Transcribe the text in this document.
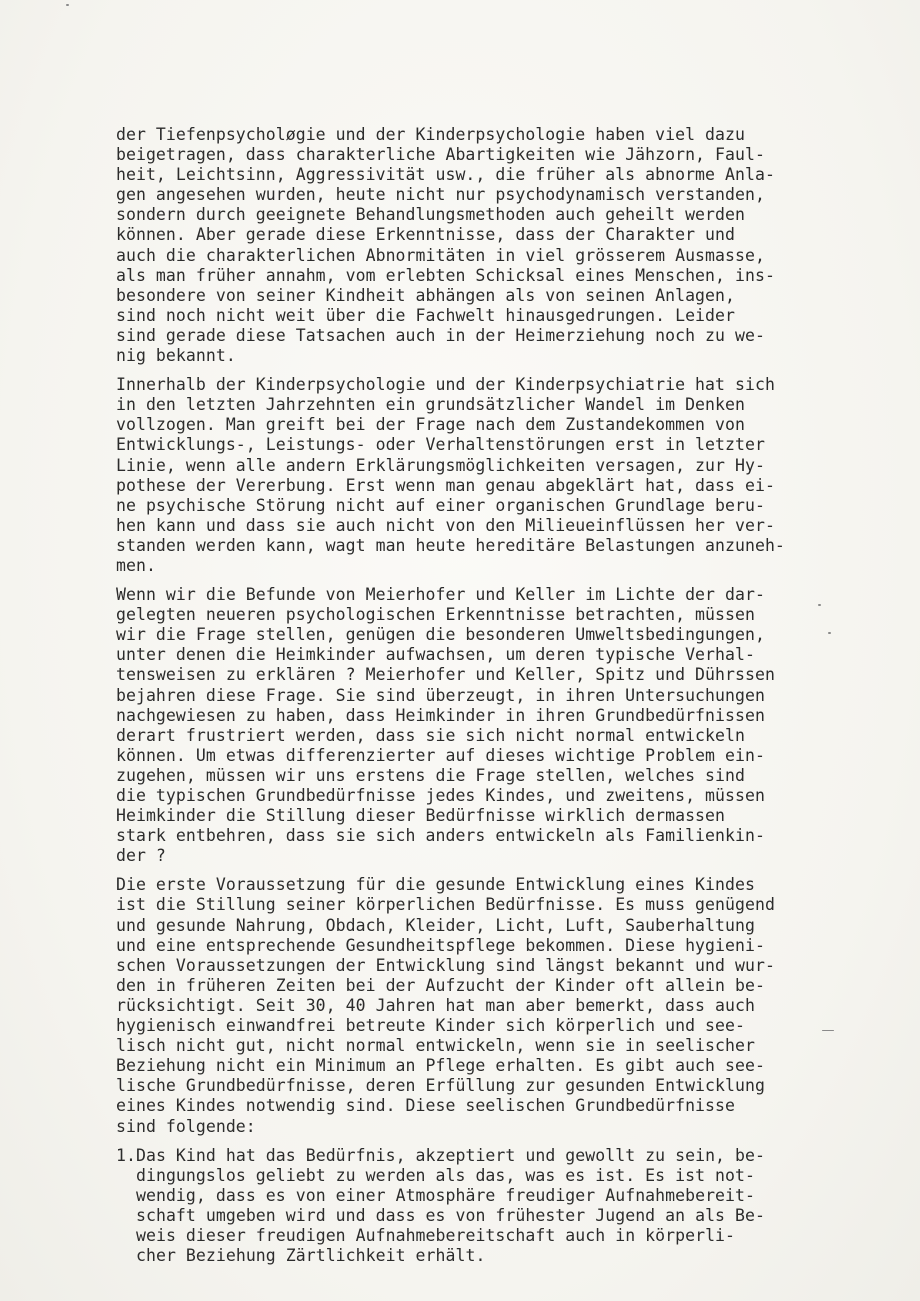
der Tiefenpsycholøgie und der Kinderpsychologie haben viel dazu
beigetragen, dass charakterliche Abartigkeiten wie Jähzorn, Faul-
heit, Leichtsinn, Aggressivität usw., die früher als abnorme Anla-
gen angesehen wurden, heute nicht nur psychodynamisch verstanden,
sondern durch geeignete Behandlungsmethoden auch geheilt werden
können. Aber gerade diese Erkenntnisse, dass der Charakter und
auch die charakterlichen Abnormitäten in viel grösserem Ausmasse,
als man früher annahm, vom erlebten Schicksal eines Menschen, ins-
besondere von seiner Kindheit abhängen als von seinen Anlagen,
sind noch nicht weit über die Fachwelt hinausgedrungen. Leider
sind gerade diese Tatsachen auch in der Heimerziehung noch zu we-
nig bekannt.
Innerhalb der Kinderpsychologie und der Kinderpsychiatrie hat sich
in den letzten Jahrzehnten ein grundsätzlicher Wandel im Denken
vollzogen. Man greift bei der Frage nach dem Zustandekommen von
Entwicklungs-, Leistungs- oder Verhaltenstörungen erst in letzter
Linie, wenn alle andern Erklärungsmöglichkeiten versagen, zur Hy-
pothese der Vererbung. Erst wenn man genau abgeklärt hat, dass ei-
ne psychische Störung nicht auf einer organischen Grundlage beru-
hen kann und dass sie auch nicht von den Milieueinflüssen her ver-
standen werden kann, wagt man heute hereditäre Belastungen anzuneh-
men.
Wenn wir die Befunde von Meierhofer und Keller im Lichte der dar-
gelegten neueren psychologischen Erkenntnisse betrachten, müssen
wir die Frage stellen, genügen die besonderen Umweltsbedingungen,
unter denen die Heimkinder aufwachsen, um deren typische Verhal-
tensweisen zu erklären ? Meierhofer und Keller, Spitz und Dührssen
bejahren diese Frage. Sie sind überzeugt, in ihren Untersuchungen
nachgewiesen zu haben, dass Heimkinder in ihren Grundbedürfnissen
derart frustriert werden, dass sie sich nicht normal entwickeln
können. Um etwas differenzierter auf dieses wichtige Problem ein-
zugehen, müssen wir uns erstens die Frage stellen, welches sind
die typischen Grundbedürfnisse jedes Kindes, und zweitens, müssen
Heimkinder die Stillung dieser Bedürfnisse wirklich dermassen
stark entbehren, dass sie sich anders entwickeln als Familienkin-
der ?
Die erste Voraussetzung für die gesunde Entwicklung eines Kindes
ist die Stillung seiner körperlichen Bedürfnisse. Es muss genügend
und gesunde Nahrung, Obdach, Kleider, Licht, Luft, Sauberhaltung
und eine entsprechende Gesundheitspflege bekommen. Diese hygieni-
schen Voraussetzungen der Entwicklung sind längst bekannt und wur-
den in früheren Zeiten bei der Aufzucht der Kinder oft allein be-
rücksichtigt. Seit 30, 40 Jahren hat man aber bemerkt, dass auch
hygienisch einwandfrei betreute Kinder sich körperlich und see-
lisch nicht gut, nicht normal entwickeln, wenn sie in seelischer
Beziehung nicht ein Minimum an Pflege erhalten. Es gibt auch see-
lische Grundbedürfnisse, deren Erfüllung zur gesunden Entwicklung
eines Kindes notwendig sind. Diese seelischen Grundbedürfnisse
sind folgende:
1. Das Kind hat das Bedürfnis, akzeptiert und gewollt zu sein, be-
dingungslos geliebt zu werden als das, was es ist. Es ist not-
wendig, dass es von einer Atmosphäre freudiger Aufnahmebereit-
schaft umgeben wird und dass es von frühester Jugend an als Be-
weis dieser freudigen Aufnahmebereitschaft auch in körperli-
cher Beziehung Zärtlichkeit erhält.
